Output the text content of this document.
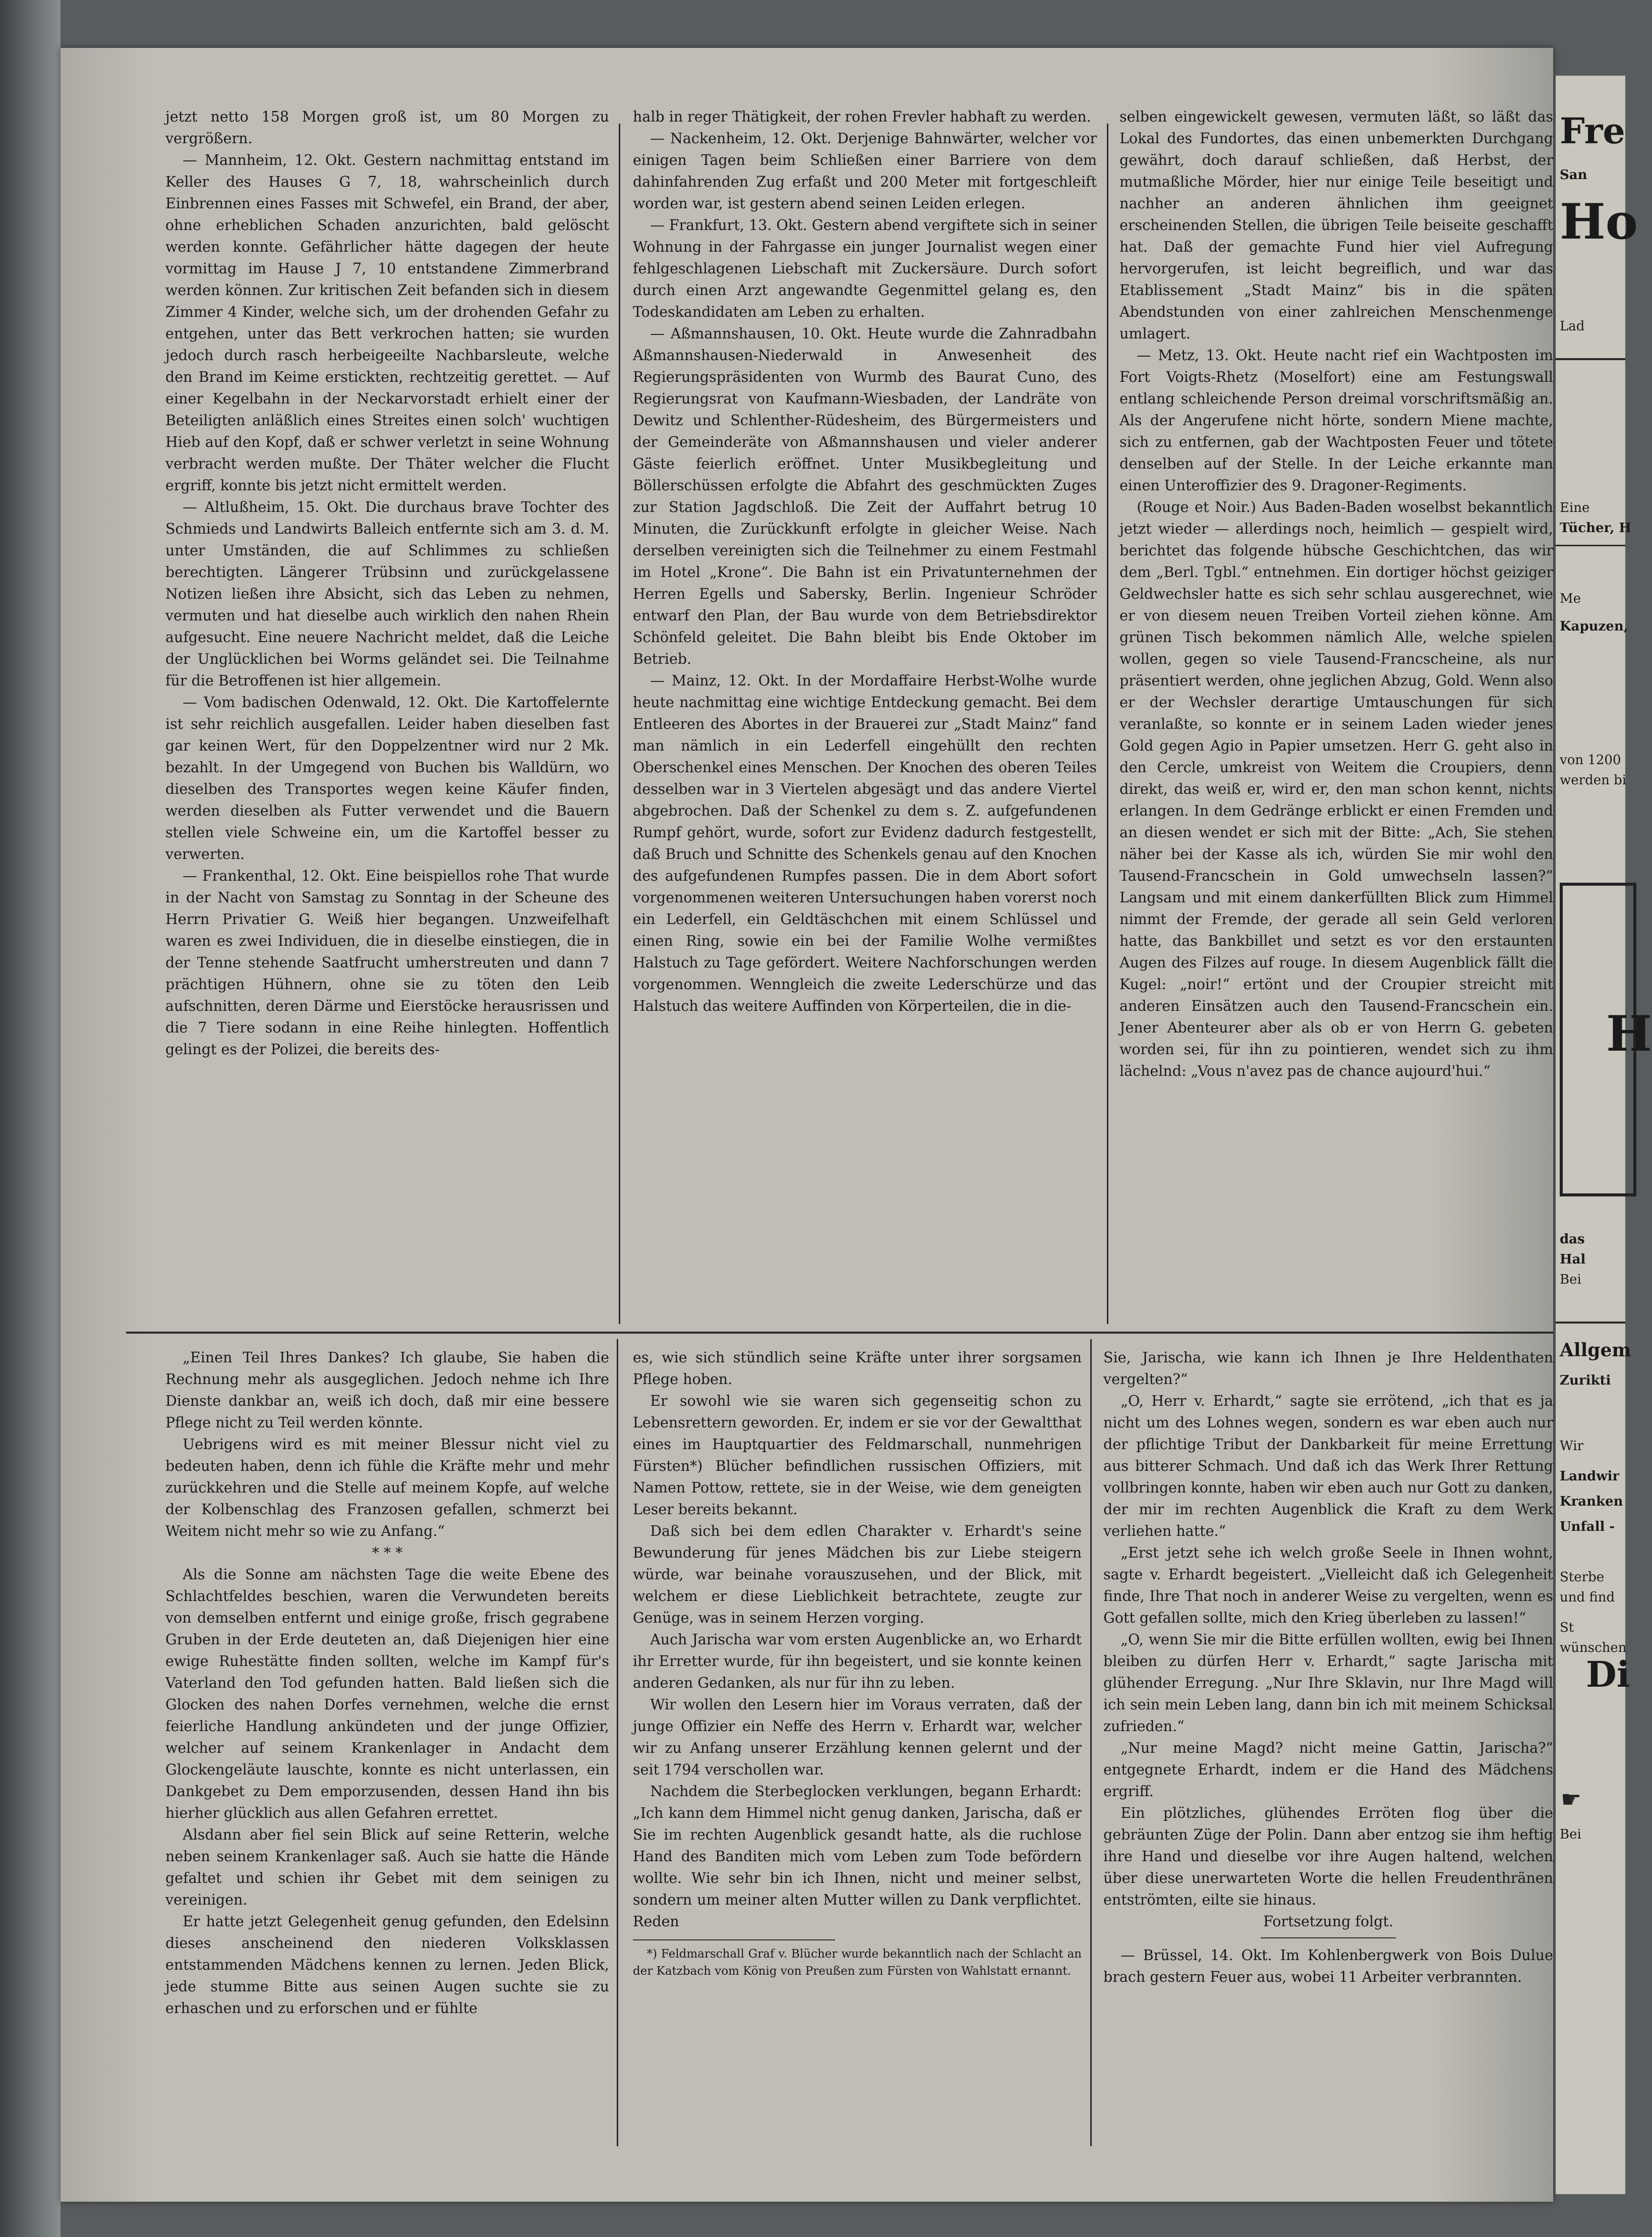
jetzt netto 158 Morgen groß ist, um 80 Morgen zu vergrößern.

— Mannheim, 12. Okt. Gestern nachmittag entstand im Keller des Hauses G 7, 18, wahrscheinlich durch Einbrennen eines Fasses mit Schwefel, ein Brand, der aber, ohne erheblichen Schaden anzurichten, bald gelöscht werden konnte. Gefährlicher hätte dagegen der heute vormittag im Hause J 7, 10 entstandene Zimmerbrand werden können. Zur kritischen Zeit befanden sich in diesem Zimmer 4 Kinder, welche sich, um der drohenden Gefahr zu entgehen, unter das Bett verkrochen hatten; sie wurden jedoch durch rasch herbeigeeilte Nachbarsleute, welche den Brand im Keime erstickten, rechtzeitig gerettet. — Auf einer Kegelbahn in der Neckarvorstadt erhielt einer der Beteiligten anläßlich eines Streites einen solch' wuchtigen Hieb auf den Kopf, daß er schwer verletzt in seine Wohnung verbracht werden mußte. Der Thäter welcher die Flucht ergriff, konnte bis jetzt nicht ermittelt werden.

— Altlußheim, 15. Okt. Die durchaus brave Tochter des Schmieds und Landwirts Balleich entfernte sich am 3. d. M. unter Umständen, die auf Schlimmes zu schließen berechtigten. Längerer Trübsinn und zurückgelassene Notizen ließen ihre Absicht, sich das Leben zu nehmen, vermuten und hat dieselbe auch wirklich den nahen Rhein aufgesucht. Eine neuere Nachricht meldet, daß die Leiche der Unglücklichen bei Worms geländet sei. Die Teilnahme für die Betroffenen ist hier allgemein.

— Vom badischen Odenwald, 12. Okt. Die Kartoffelernte ist sehr reichlich ausgefallen. Leider haben dieselben fast gar keinen Wert, für den Doppelzentner wird nur 2 Mk. bezahlt. In der Umgegend von Buchen bis Walldürn, wo dieselben des Transportes wegen keine Käufer finden, werden dieselben als Futter verwendet und die Bauern stellen viele Schweine ein, um die Kartoffel besser zu verwerten.

— Frankenthal, 12. Okt. Eine beispiellos rohe That wurde in der Nacht von Samstag zu Sonntag in der Scheune des Herrn Privatier G. Weiß hier begangen. Unzweifelhaft waren es zwei Individuen, die in dieselbe einstiegen, die in der Tenne stehende Saatfrucht umherstreuten und dann 7 prächtigen Hühnern, ohne sie zu töten den Leib aufschnitten, deren Därme und Eierstöcke herausrissen und die 7 Tiere sodann in eine Reihe hinlegten. Hoffentlich gelingt es der Polizei, die bereits des-

halb in reger Thätigkeit, der rohen Frevler habhaft zu werden.

— Nackenheim, 12. Okt. Derjenige Bahnwärter, welcher vor einigen Tagen beim Schließen einer Barriere von dem dahinfahrenden Zug erfaßt und 200 Meter mit fortgeschleift worden war, ist gestern abend seinen Leiden erlegen.

— Frankfurt, 13. Okt. Gestern abend vergiftete sich in seiner Wohnung in der Fahrgasse ein junger Journalist wegen einer fehlgeschlagenen Liebschaft mit Zuckersäure. Durch sofort durch einen Arzt angewandte Gegenmittel gelang es, den Todeskandidaten am Leben zu erhalten.

— Aßmannshausen, 10. Okt. Heute wurde die Zahnradbahn Aßmannshausen-Niederwald in Anwesenheit des Regierungspräsidenten von Wurmb des Baurat Cuno, des Regierungsrat von Kaufmann-Wiesbaden, der Landräte von Dewitz und Schlenther-Rüdesheim, des Bürgermeisters und der Gemeinderäte von Aßmannshausen und vieler anderer Gäste feierlich eröffnet. Unter Musikbegleitung und Böllerschüssen erfolgte die Abfahrt des geschmückten Zuges zur Station Jagdschloß. Die Zeit der Auffahrt betrug 10 Minuten, die Zurückkunft erfolgte in gleicher Weise. Nach derselben vereinigten sich die Teilnehmer zu einem Festmahl im Hotel „Krone“. Die Bahn ist ein Privatunternehmen der Herren Egells und Sabersky, Berlin. Ingenieur Schröder entwarf den Plan, der Bau wurde von dem Betriebsdirektor Schönfeld geleitet. Die Bahn bleibt bis Ende Oktober im Betrieb.

— Mainz, 12. Okt. In der Mordaffaire Herbst-Wolhe wurde heute nachmittag eine wichtige Entdeckung gemacht. Bei dem Entleeren des Abortes in der Brauerei zur „Stadt Mainz“ fand man nämlich in ein Lederfell eingehüllt den rechten Oberschenkel eines Menschen. Der Knochen des oberen Teiles desselben war in 3 Viertelen abgesägt und das andere Viertel abgebrochen. Daß der Schenkel zu dem s. Z. aufgefundenen Rumpf gehört, wurde, sofort zur Evidenz dadurch festgestellt, daß Bruch und Schnitte des Schenkels genau auf den Knochen des aufgefundenen Rumpfes passen. Die in dem Abort sofort vorgenommenen weiteren Untersuchungen haben vorerst noch ein Lederfell, ein Geldtäschchen mit einem Schlüssel und einen Ring, sowie ein bei der Familie Wolhe vermißtes Halstuch zu Tage gefördert. Weitere Nachforschungen werden vorgenommen. Wenngleich die zweite Lederschürze und das Halstuch das weitere Auffinden von Körperteilen, die in die-

selben eingewickelt gewesen, vermuten läßt, so läßt das Lokal des Fundortes, das einen unbemerkten Durchgang gewährt, doch darauf schließen, daß Herbst, der mutmaßliche Mörder, hier nur einige Teile beseitigt und nachher an anderen ähnlichen ihm geeignet erscheinenden Stellen, die übrigen Teile beiseite geschafft hat. Daß der gemachte Fund hier viel Aufregung hervorgerufen, ist leicht begreiflich, und war das Etablissement „Stadt Mainz“ bis in die späten Abendstunden von einer zahlreichen Menschenmenge umlagert.

— Metz, 13. Okt. Heute nacht rief ein Wachtposten im Fort Voigts-Rhetz (Moselfort) eine am Festungswall entlang schleichende Person dreimal vorschriftsmäßig an. Als der Angerufene nicht hörte, sondern Miene machte, sich zu entfernen, gab der Wachtposten Feuer und tötete denselben auf der Stelle. In der Leiche erkannte man einen Unteroffizier des 9. Dragoner-Regiments.

(Rouge et Noir.) Aus Baden-Baden woselbst bekanntlich jetzt wieder — allerdings noch, heimlich — gespielt wird, berichtet das folgende hübsche Geschichtchen, das wir dem „Berl. Tgbl.“ entnehmen. Ein dortiger höchst geiziger Geldwechsler hatte es sich sehr schlau ausgerechnet, wie er von diesem neuen Treiben Vorteil ziehen könne. Am grünen Tisch bekommen nämlich Alle, welche spielen wollen, gegen so viele Tausend-Francscheine, als nur präsentiert werden, ohne jeglichen Abzug, Gold. Wenn also er der Wechsler derartige Umtauschungen für sich veranlaßte, so konnte er in seinem Laden wieder jenes Gold gegen Agio in Papier umsetzen. Herr G. geht also in den Cercle, umkreist von Weitem die Croupiers, denn direkt, das weiß er, wird er, den man schon kennt, nichts erlangen. In dem Gedränge erblickt er einen Fremden und an diesen wendet er sich mit der Bitte: „Ach, Sie stehen näher bei der Kasse als ich, würden Sie mir wohl den Tausend-Francschein in Gold umwechseln lassen?“ Langsam und mit einem dankerfüllten Blick zum Himmel nimmt der Fremde, der gerade all sein Geld verloren hatte, das Bankbillet und setzt es vor den erstaunten Augen des Filzes auf rouge. In diesem Augenblick fällt die Kugel: „noir!“ ertönt und der Croupier streicht mit anderen Einsätzen auch den Tausend-Francschein ein. Jener Abenteurer aber als ob er von Herrn G. gebeten worden sei, für ihn zu pointieren, wendet sich zu ihm lächelnd: „Vous n'avez pas de chance aujourd'hui.“

„Einen Teil Ihres Dankes? Ich glaube, Sie haben die Rechnung mehr als ausgeglichen. Jedoch nehme ich Ihre Dienste dankbar an, weiß ich doch, daß mir eine bessere Pflege nicht zu Teil werden könnte.

Uebrigens wird es mit meiner Blessur nicht viel zu bedeuten haben, denn ich fühle die Kräfte mehr und mehr zurückkehren und die Stelle auf meinem Kopfe, auf welche der Kolbenschlag des Franzosen gefallen, schmerzt bei Weitem nicht mehr so wie zu Anfang.“

* * *

Als die Sonne am nächsten Tage die weite Ebene des Schlachtfeldes beschien, waren die Verwundeten bereits von demselben entfernt und einige große, frisch gegrabene Gruben in der Erde deuteten an, daß Diejenigen hier eine ewige Ruhestätte finden sollten, welche im Kampf für's Vaterland den Tod gefunden hatten. Bald ließen sich die Glocken des nahen Dorfes vernehmen, welche die ernst feierliche Handlung ankündeten und der junge Offizier, welcher auf seinem Krankenlager in Andacht dem Glockengeläute lauschte, konnte es nicht unterlassen, ein Dankgebet zu Dem emporzusenden, dessen Hand ihn bis hierher glücklich aus allen Gefahren errettet.

Alsdann aber fiel sein Blick auf seine Retterin, welche neben seinem Krankenlager saß. Auch sie hatte die Hände gefaltet und schien ihr Gebet mit dem seinigen zu vereinigen.

Er hatte jetzt Gelegenheit genug gefunden, den Edelsinn dieses anscheinend den niederen Volksklassen entstammenden Mädchens kennen zu lernen. Jeden Blick, jede stumme Bitte aus seinen Augen suchte sie zu erhaschen und zu erforschen und er fühlte

es, wie sich stündlich seine Kräfte unter ihrer sorgsamen Pflege hoben.

Er sowohl wie sie waren sich gegenseitig schon zu Lebensrettern geworden. Er, indem er sie vor der Gewaltthat eines im Hauptquartier des Feldmarschall, nunmehrigen Fürsten*) Blücher befindlichen russischen Offiziers, mit Namen Pottow, rettete, sie in der Weise, wie dem geneigten Leser bereits bekannt.

Daß sich bei dem edlen Charakter v. Erhardt's seine Bewunderung für jenes Mädchen bis zur Liebe steigern würde, war beinahe vorauszusehen, und der Blick, mit welchem er diese Lieblichkeit betrachtete, zeugte zur Genüge, was in seinem Herzen vorging.

Auch Jarischa war vom ersten Augenblicke an, wo Erhardt ihr Erretter wurde, für ihn begeistert, und sie konnte keinen anderen Gedanken, als nur für ihn zu leben.

Wir wollen den Lesern hier im Voraus verraten, daß der junge Offizier ein Neffe des Herrn v. Erhardt war, welcher wir zu Anfang unserer Erzählung kennen gelernt und der seit 1794 verschollen war.

Nachdem die Sterbeglocken verklungen, begann Erhardt: „Ich kann dem Himmel nicht genug danken, Jarischa, daß er Sie im rechten Augenblick gesandt hatte, als die ruchlose Hand des Banditen mich vom Leben zum Tode befördern wollte. Wie sehr bin ich Ihnen, nicht und meiner selbst, sondern um meiner alten Mutter willen zu Dank verpflichtet. Reden

*) Feldmarschall Graf v. Blücher wurde bekanntlich nach der Schlacht an der Katzbach vom König von Preußen zum Fürsten von Wahlstatt ernannt.

Sie, Jarischa, wie kann ich Ihnen je Ihre Heldenthaten vergelten?“

„O, Herr v. Erhardt,“ sagte sie errötend, „ich that es ja nicht um des Lohnes wegen, sondern es war eben auch nur der pflichtige Tribut der Dankbarkeit für meine Errettung aus bitterer Schmach. Und daß ich das Werk Ihrer Rettung vollbringen konnte, haben wir eben auch nur Gott zu danken, der mir im rechten Augenblick die Kraft zu dem Werk verliehen hatte.“

„Erst jetzt sehe ich welch große Seele in Ihnen wohnt, sagte v. Erhardt begeistert. „Vielleicht daß ich Gelegenheit finde, Ihre That noch in anderer Weise zu vergelten, wenn es Gott gefallen sollte, mich den Krieg überleben zu lassen!“

„O, wenn Sie mir die Bitte erfüllen wollten, ewig bei Ihnen bleiben zu dürfen Herr v. Erhardt,“ sagte Jarischa mit glühender Erregung. „Nur Ihre Sklavin, nur Ihre Magd will ich sein mein Leben lang, dann bin ich mit meinem Schicksal zufrieden.“

„Nur meine Magd? nicht meine Gattin, Jarischa?“ entgegnete Erhardt, indem er die Hand des Mädchens ergriff.

Ein plötzliches, glühendes Erröten flog über die gebräunten Züge der Polin. Dann aber entzog sie ihm heftig ihre Hand und dieselbe vor ihre Augen haltend, welchen über diese unerwarteten Worte die hellen Freudenthränen entströmten, eilte sie hinaus.

Fortsetzung folgt.

— Brüssel, 14. Okt. Im Kohlenbergwerk von Bois Dulue brach gestern Feuer aus, wobei 11 Arbeiter verbrannten.

Fre
San
Ho
Lad
Eine
Tücher, H
Me
Kapuzen,
von 1200
werden bi
H
das
Hal
Bei
Allgem
Zurikti
Wir
Landwir
Kranken
Unfall -
Sterbe
und find
St
wünschen
Di
☛
Bei
